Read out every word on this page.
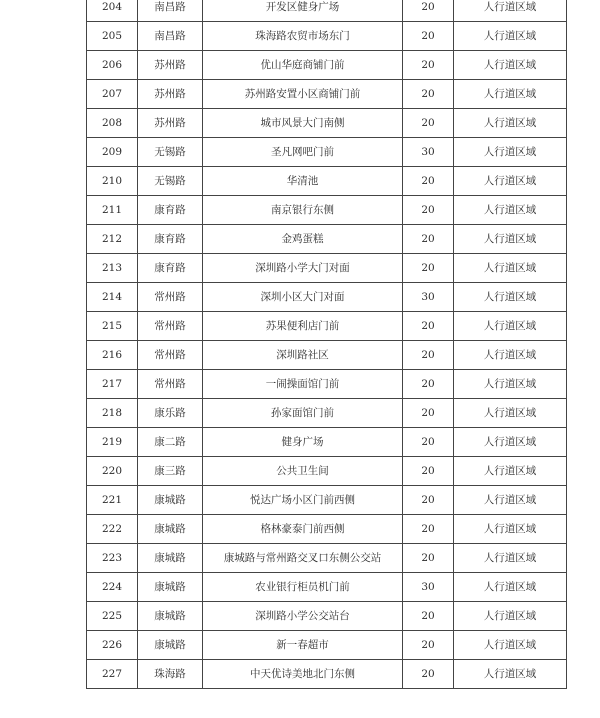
204	南昌路	开发区健身广场	20	人行道区域
205	南昌路	珠海路农贸市场东门	20	人行道区域
206	苏州路	优山华庭商铺门前	20	人行道区域
207	苏州路	苏州路安置小区商铺门前	20	人行道区域
208	苏州路	城市风景大门南侧	20	人行道区域
209	无锡路	圣凡网吧门前	30	人行道区域
210	无锡路	华清池	20	人行道区域
211	康育路	南京银行东侧	20	人行道区域
212	康育路	金鸡蛋糕	20	人行道区域
213	康育路	深圳路小学大门对面	20	人行道区域
214	常州路	深圳小区大门对面	30	人行道区域
215	常州路	苏果便利店门前	20	人行道区域
216	常州路	深圳路社区	20	人行道区域
217	常州路	一闹操面馆门前	20	人行道区域
218	康乐路	孙家面馆门前	20	人行道区域
219	康二路	健身广场	20	人行道区域
220	康三路	公共卫生间	20	人行道区域
221	康城路	悦达广场小区门前西侧	20	人行道区域
222	康城路	格林豪泰门前西侧	20	人行道区域
223	康城路	康城路与常州路交叉口东侧公交站	20	人行道区域
224	康城路	农业银行柜员机门前	30	人行道区域
225	康城路	深圳路小学公交站台	20	人行道区域
226	康城路	新一春超市	20	人行道区域
227	珠海路	中天优诗美地北门东侧	20	人行道区域
